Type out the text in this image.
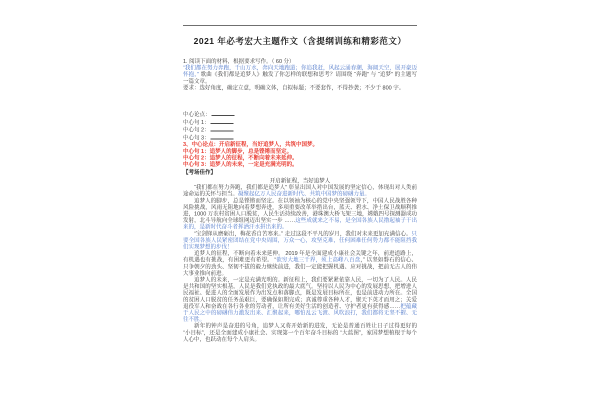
2021 年必考宏大主题作文（含提纲训练和精彩范文）

1. 阅读下面的材料，根据要求写作。（ 60 分）

“我们都在努力奔跑，千山万水，奔向天地跑道；你追我赶，风起云涌春潮，海阔天空，展开豪迈怀抱，” 歌曲《我们都是追梦人》触发了你怎样的联想和思考？请围绕 “奔跑” 与 “追梦” 的主题写一篇文章。

要求：选好角度，确定立意，明确文体，自拟标题；不要套作，不得抄袭；不少于 800 字。

中心论点：
中心句 1：
中心句 2：
中心句 3：
3、中心论点：开启新征程，当好追梦人，共筑中国梦。
中心句 1：追梦人的脚步，总是铿锵而坚定。
中心句 2：追梦人的征程，不断向着未来延伸。
中心句 3：追梦人的未来，一定是充满光明的。
【考场佳作】
开启新征程，当好追梦人

“我们都在努力奔跑，我们都是追梦人” 彰显出国人对中国发展的坚定信心，体现出对人类前途命运的关怀与担当。凝聚起亿万人民奋进新时代、共筑中国梦的磅礴力量。

追梦人的脚步，总是铿锵而坚定。在以领袖为核心的党中央坚强领导下，中国人民战胜各种风险挑战，风雨无阻地向着梦想奔进，多项重要改革举措出台，蓝天、碧水、净土保卫战顺利推进，1000 万农村贫困人口脱贫，人民生活持续改善，港珠澳大桥飞架三地，嫦娥四号探测器成功发射，北斗导航向全球组网迈出坚实一步 ……这些成就来之不易，是全国各族人民撸起袖子干出来的，是新时代奋斗者挥洒汗水拼出来的。

“宝剑锋从磨砺出，梅花香自苦寒来。” 走过这段不平凡的岁月，我们对未来更加充满信心。只要全国各族人民紧密团结在党中央周围，万众一心，攻坚克难，任何困难任何势力都不能阻挡我们实现梦想的步伐！

追梦人的征程，不断向着未来延伸。 2019 年是全面建成小康社会关键之年，前进道路上，有机遇也有挑战，有困难更有希望。 “欲穷大地三千界，须上高峰八百盘，” 以坚如磐石的信心、只争朝夕的劲头、坚韧不拔的毅力继续前进，我们一定能把握机遇、应对挑战，把前无古人的伟大事业推向前进。

追梦人的未来，一定是充满光明的。新征程上，我们要紧紧依靠人民，一切为了人民。人民是共和国的坚实根基，人民是我们党执政的最大底气。坚持以人民为中心的发展思想，把增进人民福祉、促进人的全面发展作为出发点和落脚点，既是发展目标所在，也是前进动力所在。全国的贫困人口脱贫的任务虽艰巨，要确保如期完成；真诚尊重各种人才，聚天下英才而用之；关爱退役军人和奋战在各行各业的劳动者，让所有美好生活的创造者、守护者更有获得感……把蕴藏于人民之中的磅礴伟力激发出来、汇聚起来，哪怕乱云飞渡、风吹浪打，我们都将无坚不摧、无往不胜。

新年的钟声是奋进的号角，追梦人又将开始新的进发，无论是普通百姓让日子过得更好的 “小目标”，还是全面建成小康社会、实现第一个百年奋斗目标的 “大蓝图”，家国梦想植根于每个人心中，也跃动在每个人肩头。
